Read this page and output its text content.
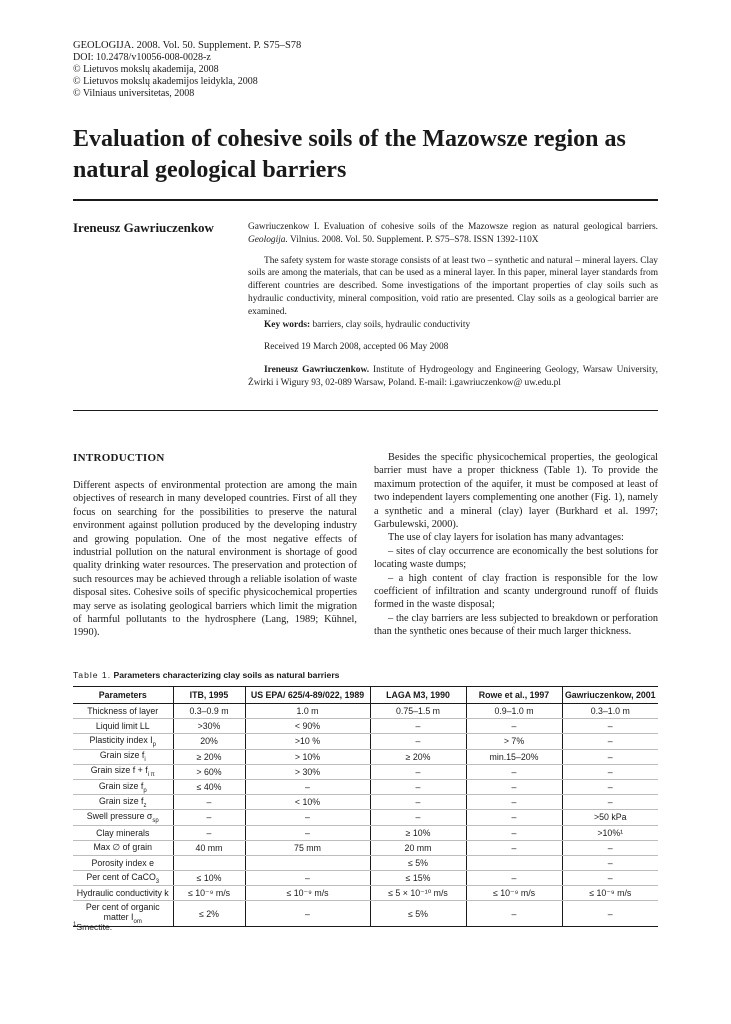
GEOLOGIJA. 2008. Vol. 50. Supplement. P. S75–S78
DOI: 10.2478/v10056-008-0028-z
© Lietuvos mokslų akademija, 2008
© Lietuvos mokslų akademijos leidykla, 2008
© Vilniaus universitetas, 2008
Evaluation of cohesive soils of the Mazowsze region as natural geological barriers
Ireneusz Gawriuczenkow	Gawriuczenkow I. Evaluation of cohesive soils of the Mazowsze region as natural geological barriers. Geologija. Vilnius. 2008. Vol. 50. Supplement. P. S75–S78. ISSN 1392-110X

The safety system for waste storage consists of at least two – synthetic and natural – mineral layers. Clay soils are among the materials, that can be used as a mineral layer. In this paper, mineral layer standards from different countries are described. Some investigations of the important properties of clay soils such as hydraulic conductivity, mineral composition, void ratio are presented. Clay soils as a geological barrier are examined.

Key words: barriers, clay soils, hydraulic conductivity

Received 19 March 2008, accepted 06 May 2008

Ireneusz Gawriuczenkow. Institute of Hydrogeology and Engineering Geology, Warsaw University, Żwirki i Wigury 93, 02-089 Warsaw, Poland. E-mail: i.gawriuczenkow@ uw.edu.pl

INTRODUCTION

Different aspects of environmental protection are among the main objectives of research in many developed countries. First of all they focus on searching for the possibilities to preserve the natural environment against pollution produced by the developing industry and growing population. One of the most negative effects of industrial pollution on the natural environment is shortage of good quality drinking water resources. The preservation and protection of such resources may be achieved through a reliable isolation of waste disposal sites. Cohesive soils of specific physicochemical properties may serve as isolating geological barriers which limit the migration of harmful pollutants to the hydrosphere (Lang, 1989; Kühnel, 1990).

Besides the specific physicochemical properties, the geological barrier must have a proper thickness (Table 1). To provide the maximum protection of the aquifer, it must be composed at least of two independent layers complementing one another (Fig. 1), namely a synthetic and a mineral (clay) layer (Burkhard et al. 1997; Garbulewski, 2000).

The use of clay layers for isolation has many advantages:

– sites of clay occurrence are economically the best solutions for locating waste dumps;

– a high content of clay fraction is responsible for the low coefficient of infiltration and scanty underground runoff of fluids formed in the waste disposal;

– the clay barriers are less subjected to breakdown or perforation than the synthetic ones because of their much larger thickness.

Table 1. Parameters characterizing clay soils as natural barriers
Parameters	ITB, 1995	US EPA/ 625/4-89/022, 1989	LAGA M3, 1990	Rowe et al., 1997	Gawriuczenkow, 2001
Thickness of layer	0.3–0.9 m	1.0 m	0.75–1.5 m	0.9–1.0 m	0.3–1.0 m
Liquid limit LL	>30%	< 90%	–	–	–
Plasticity index $I_p$	20%	>10 %	–	> 7%	–
Grain size $f_i$	≥ 20%	> 10%	≥ 20%	min.15–20%	–
Grain size $f + f_{i \pi}$	> 60%	> 30%	–	–	–
Grain size $f_p$	≤ 40%	–	–	–	–
Grain size $f_z$	–	< 10%	–	–	–
Swell pressure $\sigma_{sp}$	–	–	–	–	>50 kPa
Clay minerals	–	–	≥ 10%	–	>10%¹
Max ∅ of grain	40 mm	75 mm	20 mm	–	–
Porosity index e			≤ 5%		–
Per cent of CaCO$_3$	≤ 10%	–	≤ 15%	–	–
Hydraulic conductivity k	≤ 10⁻⁹ m/s	≤ 10⁻⁹ m/s	≤ 5 × 10⁻¹⁰ m/s	≤ 10⁻⁹ m/s	≤ 10⁻⁹ m/s
Per cent of organic matter $I_{om}$	≤ 2%	–	≤ 5%	–	–
$^1$Smectite.
